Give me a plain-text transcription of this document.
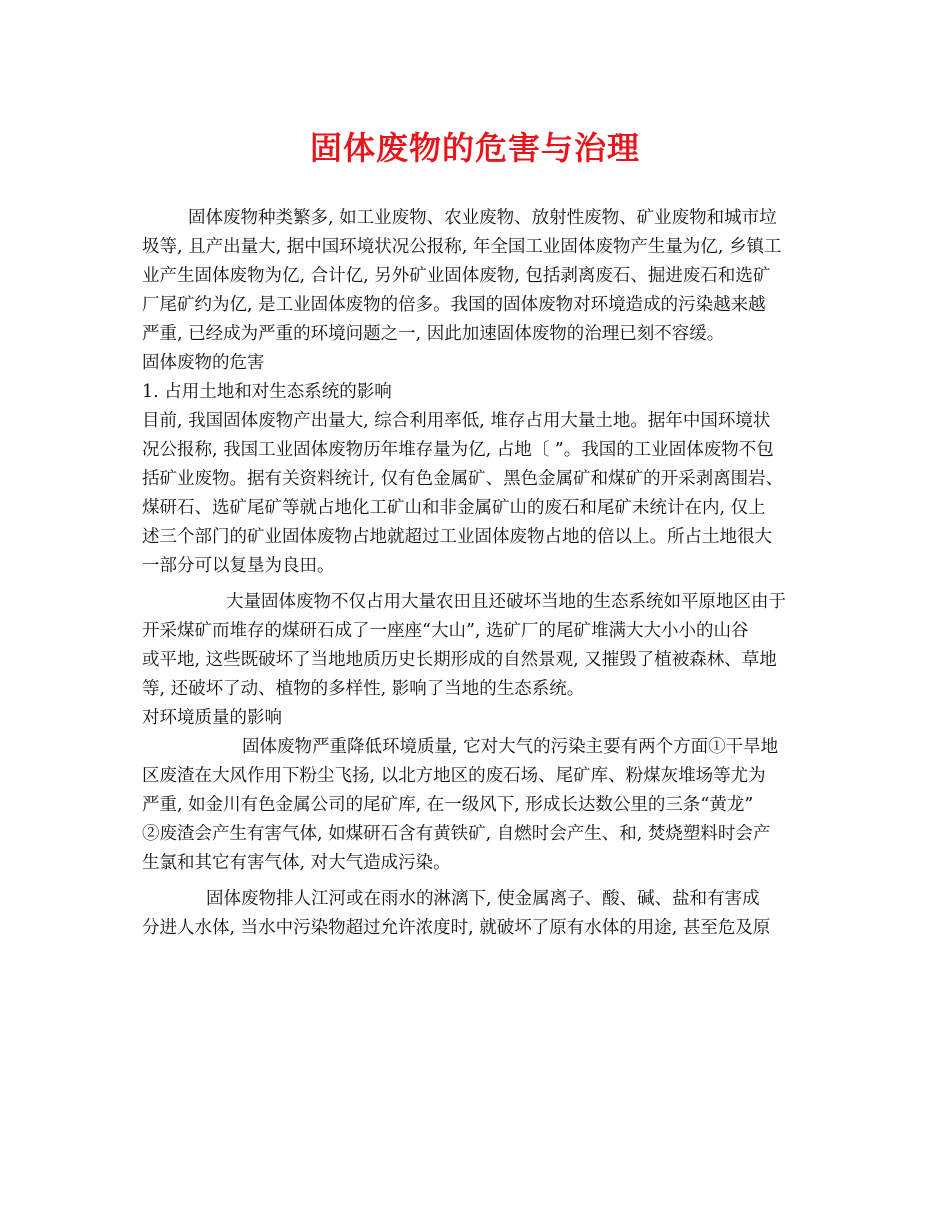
固体废物的危害与治理
固体废物种类繁多, 如工业废物、农业废物、放射性废物、矿业废物和城市垃
圾等, 且产出量大, 据中国环境状况公报称, 年全国工业固体废物产生量为亿, 乡镇工
业产生固体废物为亿, 合计亿, 另外矿业固体废物, 包括剥离废石、掘进废石和选矿
厂尾矿约为亿, 是工业固体废物的倍多。我国的固体废物对环境造成的污染越来越
严重, 已经成为严重的环境问题之一, 因此加速固体废物的治理已刻不容缓。
固体废物的危害
1. 占用土地和对生态系统的影响
目前, 我国固体废物产出量大, 综合利用率低, 堆存占用大量土地。据年中国环境状
况公报称, 我国工业固体废物历年堆存量为亿, 占地〔 ”。我国的工业固体废物不包
括矿业废物。据有关资料统计, 仅有色金属矿、黑色金属矿和煤矿的开采剥离围岩、
煤研石、选矿尾矿等就占地化工矿山和非金属矿山的废石和尾矿未统计在内, 仅上
述三个部门的矿业固体废物占地就超过工业固体废物占地的倍以上。所占土地很大
一部分可以复垦为良田。
大量固体废物不仅占用大量农田且还破坏当地的生态系统如平原地区由于
开采煤矿而堆存的煤研石成了一座座“大山”, 选矿厂的尾矿堆满大大小小的山谷
或平地, 这些既破坏了当地地质历史长期形成的自然景观, 又摧毁了植被森林、草地
等, 还破坏了动、植物的多样性, 影响了当地的生态系统。
对环境质量的影响
固体废物严重降低环境质量, 它对大气的污染主要有两个方面①干旱地
区废渣在大风作用下粉尘飞扬, 以北方地区的废石场、尾矿库、粉煤灰堆场等尤为
严重, 如金川有色金属公司的尾矿库, 在一级风下, 形成长达数公里的三条“黄龙”
②废渣会产生有害气体, 如煤研石含有黄铁矿, 自燃时会产生、和, 焚烧塑料时会产
生氯和其它有害气体, 对大气造成污染。
固体废物排人江河或在雨水的淋漓下, 使金属离子、酸、碱、盐和有害成
分进人水体, 当水中污染物超过允许浓度时, 就破坏了原有水体的用途, 甚至危及原
